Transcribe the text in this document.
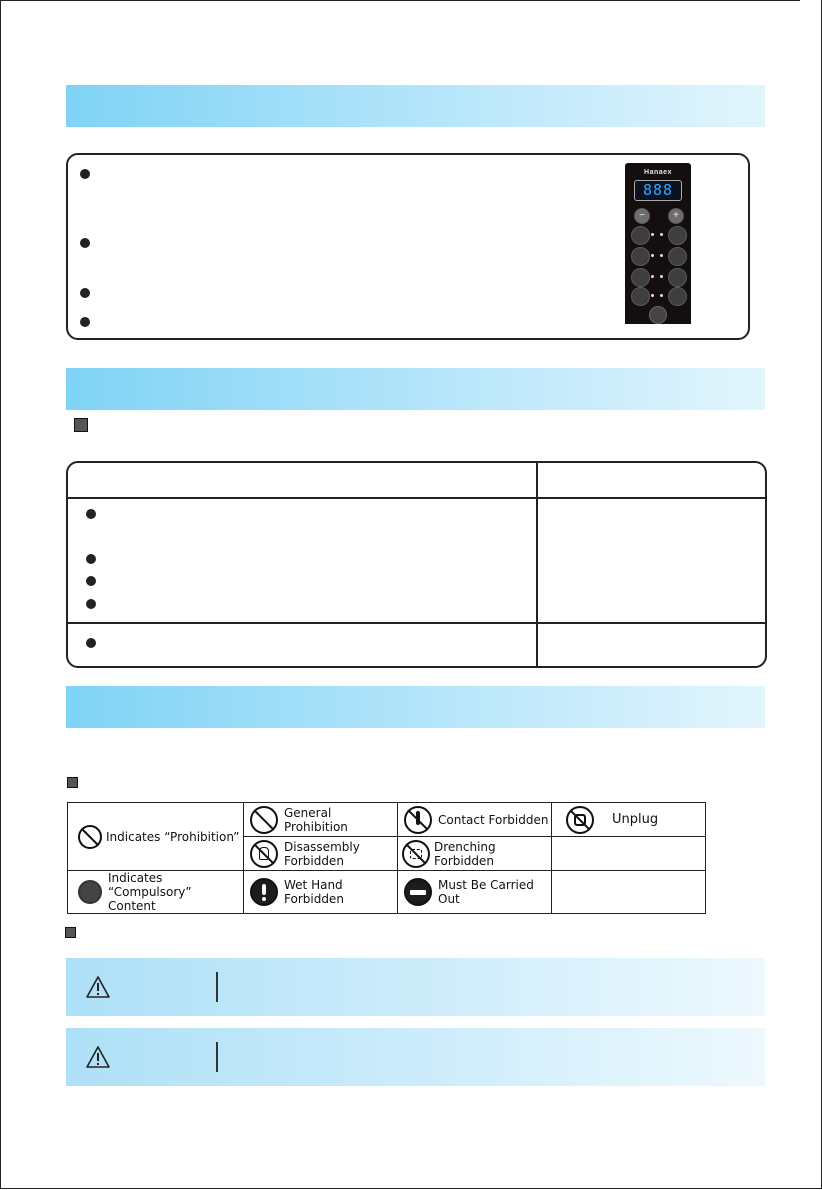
Hanaex
888
−	+
Indicates “Prohibition”	General Prohibition	Contact Forbidden	Unplug

	Disassembly Forbidden	Drenching Forbidden	

Indicates
“Compulsory” Content	Wet Hand Forbidden	Must Be Carried Out	
